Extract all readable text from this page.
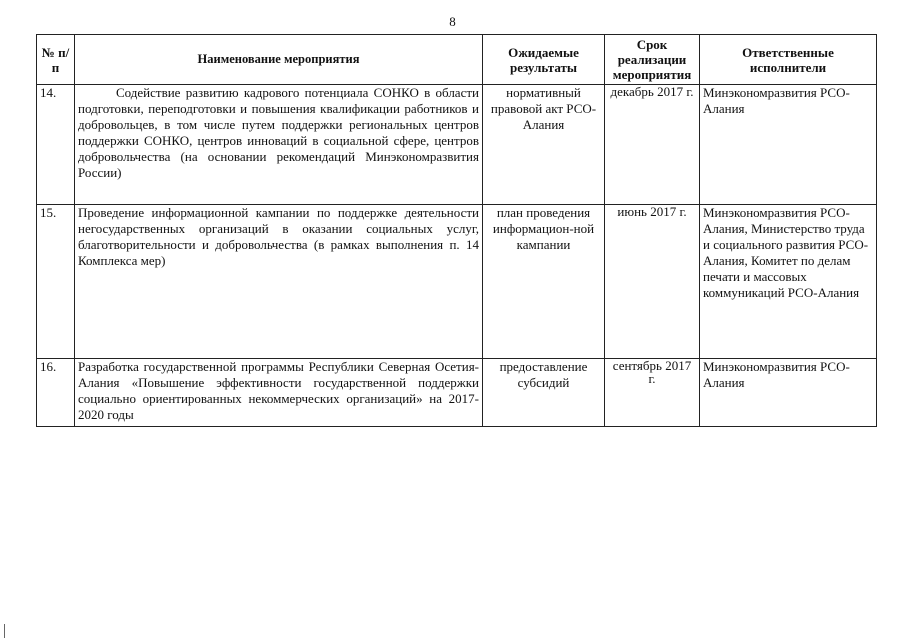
8
№ п/п	Наименование мероприятия	Ожидаемые результаты	Срок реализации мероприятия	Ответственные исполнители
14.	Содействие развитию кадрового потенциала СОНКО в области подготовки, переподготовки и повышения квалификации работников и добровольцев, в том числе путем поддержки региональных центров поддержки СОНКО, центров инноваций в социальной сфере, центров добровольчества (на основании рекомендаций Минэкономразвития России)	нормативный правовой акт РСО-Алания	декабрь 2017 г.	Минэкономразвития РСО-Алания
15.	Проведение информационной кампании по поддержке деятельности негосударственных организаций в оказании социальных услуг, благотворительности и добровольчества (в рамках выполнения п. 14 Комплекса мер)	план проведения информацион-ной кампании	июнь 2017 г.	Минэкономразвития РСО-Алания, Министерство труда и социального развития РСО-Алания, Комитет по делам печати и массовых коммуникаций РСО-Алания
16.	Разработка государственной программы Республики Северная Осетия-Алания «Повышение эффективности государственной поддержки социально ориентированных некоммерческих организаций» на 2017-2020 годы	предоставление субсидий	сентябрь 2017 г.	Минэкономразвития РСО-Алания
